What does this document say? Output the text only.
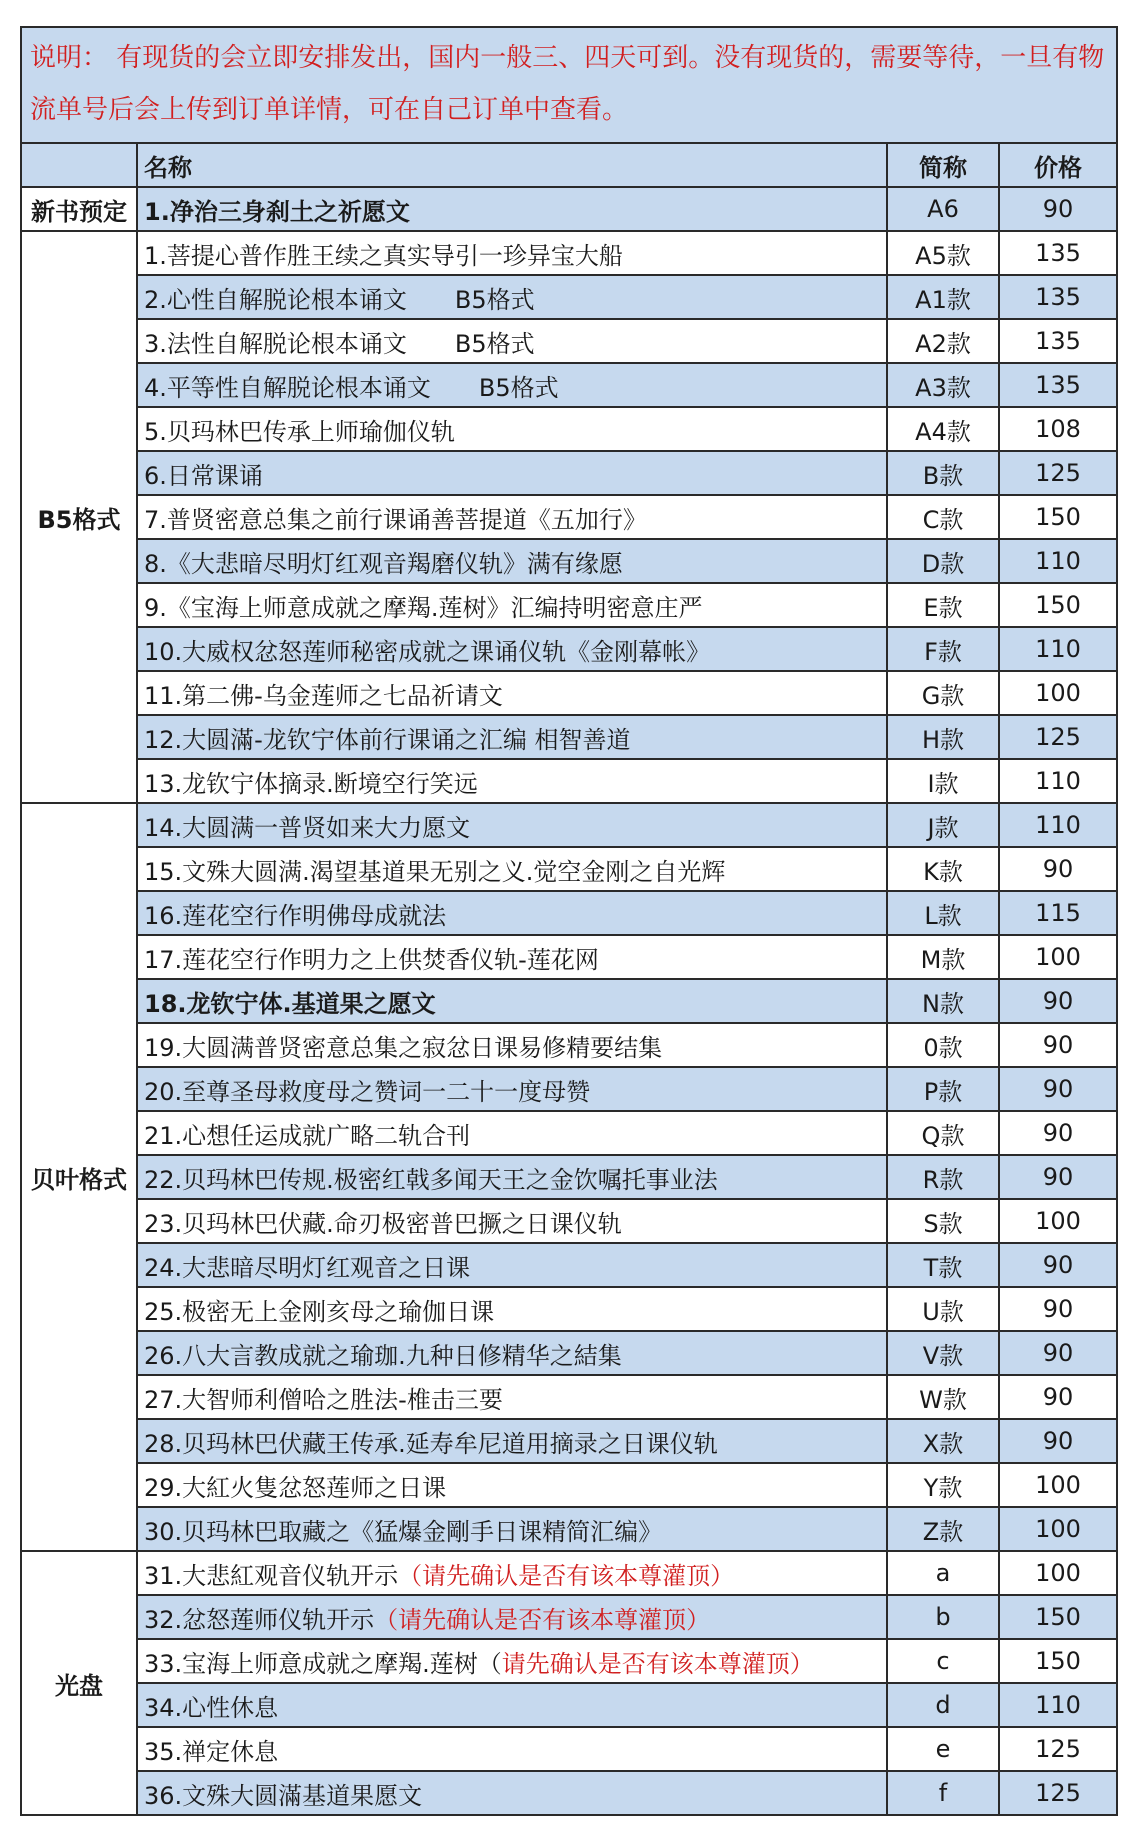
说明： 有现货的会立即安排发出，国内一般三、四天可到。没有现货的，需要等待，一旦有物流单号后会上传到订单详情，可在自己订单中查看。			
	名称	简称	价格
新书预定	1.净治三身刹土之祈愿文	A6	90
B5格式	1.菩提心普作胜王续之真实导引一珍异宝大船	A5款	135
	2.心性自解脱论根本诵文 B5格式	A1款	135
	3.法性自解脱论根本诵文 B5格式	A2款	135
	4.平等性自解脱论根本诵文 B5格式	A3款	135
	5.贝玛林巴传承上师瑜伽仪轨	A4款	108
	6.日常课诵	B款	125
	7.普贤密意总集之前行课诵善菩提道《五加行》	C款	150
	8.《大悲暗尽明灯红观音羯磨仪轨》满有缘愿	D款	110
	9.《宝海上师意成就之摩羯.莲树》汇编持明密意庄严	E款	150
	10.大威权忿怒莲师秘密成就之课诵仪轨《金刚幕帐》	F款	110
	11.第二佛-乌金莲师之七品祈请文	G款	100
	12.大圆滿-龙钦宁体前行课诵之汇编 相智善道	H款	125
	13.龙钦宁体摘录.断境空行笑远	I款	110
贝叶格式	14.大圆满一普贤如来大力愿文	J款	110
	15.文殊大圆满.渴望基道果无别之义.觉空金刚之自光辉	K款	90
	16.莲花空行作明佛母成就法	L款	115
	17.莲花空行作明力之上供焚香仪轨-莲花网	M款	100
	18.龙钦宁体.基道果之愿文	N款	90
	19.大圆满普贤密意总集之寂忿日课易修精要结集	0款	90
	20.至尊圣母救度母之赞词一二十一度母赞	P款	90
	21.心想任运成就广略二轨合刊	Q款	90
	22.贝玛林巴传规.极密红戟多闻天王之金饮嘱托事业法	R款	90
	23.贝玛林巴伏藏.命刃极密普巴撅之日课仪轨	S款	100
	24.大悲暗尽明灯红观音之日课	T款	90
	25.极密无上金刚亥母之瑜伽日课	U款	90
	26.八大言教成就之瑜珈.九种日修精华之結集	V款	90
	27.大智师利僧哈之胜法-椎击三要	W款	90
	28.贝玛林巴伏藏王传承.延寿牟尼道用摘录之日课仪轨	X款	90
	29.大紅火隻忿怒莲师之日课	Y款	100
	30.贝玛林巴取藏之《猛爆金剛手日课精简汇编》	Z款	100
光盘	31.大悲紅观音仪轨开示（请先确认是否有该本尊灌顶）	a	100
	32.忿怒莲师仪轨开示（请先确认是否有该本尊灌顶）	b	150
	33.宝海上师意成就之摩羯.莲树（请先确认是否有该本尊灌顶）	c	150
	34.心性休息	d	110
	35.禅定休息	e	125
	36.文殊大圆滿基道果愿文	f	125
